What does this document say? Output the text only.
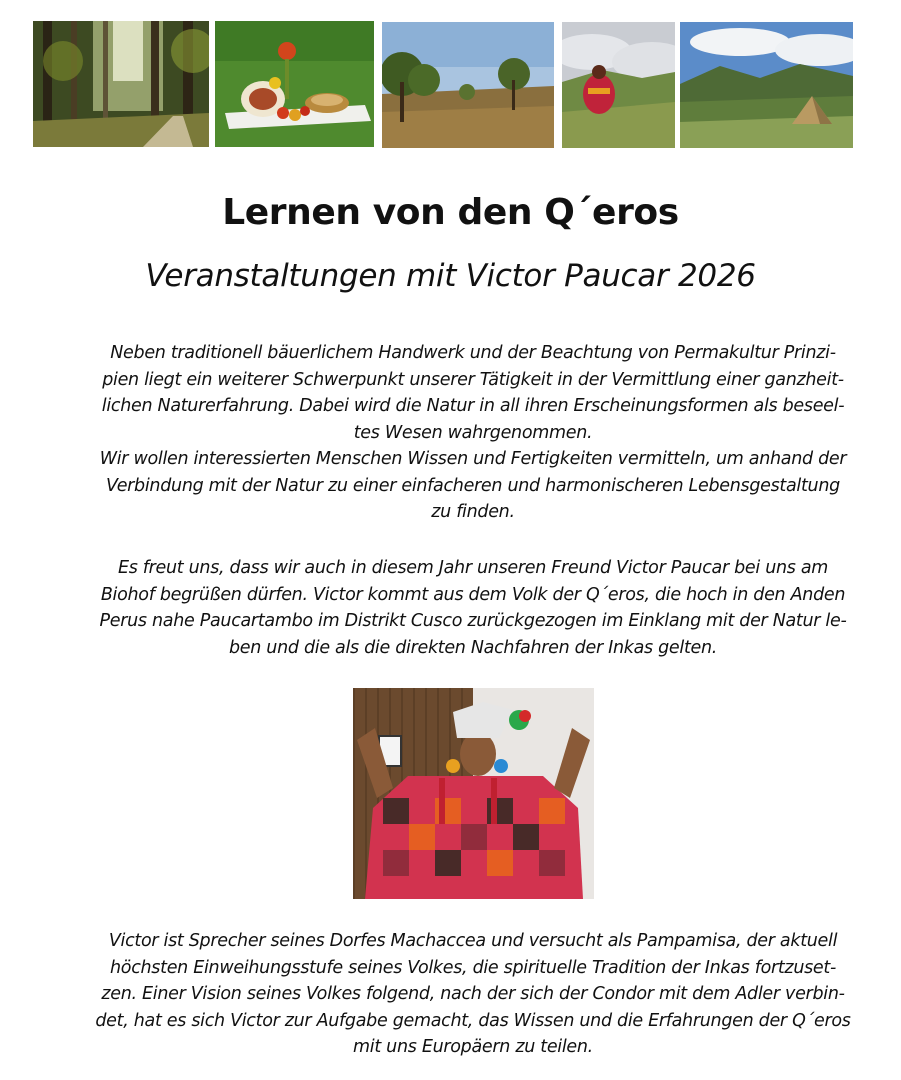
Lernen von den Q´eros
Veranstaltungen mit Victor Paucar 2026

Neben traditionell bäuerlichem Handwerk und der Beachtung von Permakultur Prinzi-
pien liegt ein weiterer Schwerpunkt unserer Tätigkeit in der Vermittlung einer ganzheit-
lichen Naturerfahrung. Dabei wird die Natur in all ihren Erscheinungsformen als beseel-
tes Wesen wahrgenommen.
Wir wollen interessierten Menschen Wissen und Fertigkeiten vermitteln, um anhand der
Verbindung mit der Natur zu einer einfacheren und harmonischeren Lebensgestaltung
zu finden.

Es freut uns, dass wir auch in diesem Jahr unseren Freund Victor Paucar bei uns am
Biohof begrüßen dürfen. Victor kommt aus dem Volk der Q´eros, die hoch in den Anden
Perus nahe Paucartambo im Distrikt Cusco zurückgezogen im Einklang mit der Natur le-
ben und die als die direkten Nachfahren der Inkas gelten.

Victor ist Sprecher seines Dorfes Machaccea und versucht als Pampamisa, der aktuell
höchsten Einweihungsstufe seines Volkes, die spirituelle Tradition der Inkas fortzuset-
zen. Einer Vision seines Volkes folgend, nach der sich der Condor mit dem Adler verbin-
det, hat es sich Victor zur Aufgabe gemacht, das Wissen und die Erfahrungen der Q´eros
mit uns Europäern zu teilen.
